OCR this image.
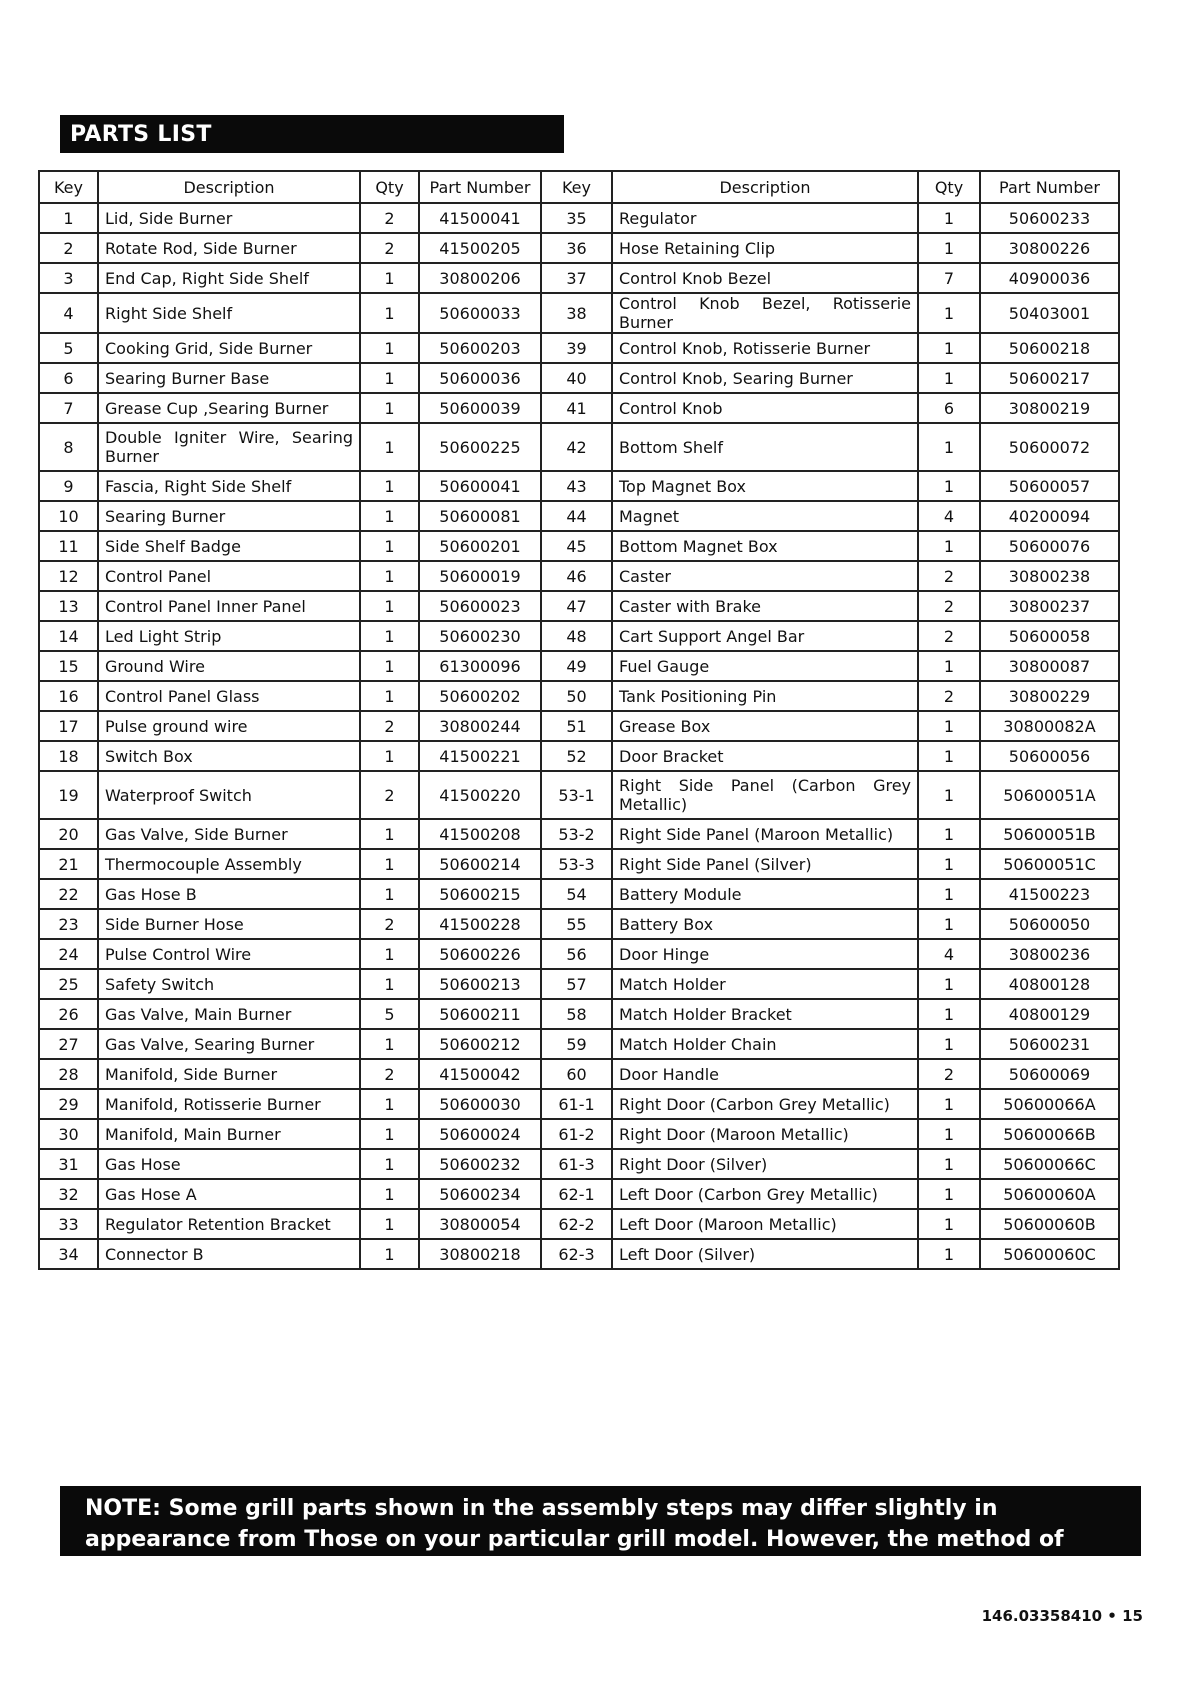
PARTS LIST
Key	Description	Qty	Part Number	Key	Description	Qty	Part Number
1	Lid, Side Burner	2	41500041	35	Regulator	1	50600233
2	Rotate Rod, Side Burner	2	41500205	36	Hose Retaining Clip	1	30800226
3	End Cap, Right Side Shelf	1	30800206	37	Control Knob Bezel	7	40900036
4	Right Side Shelf	1	50600033	38	Control Knob Bezel, Rotisserie Burner	1	50403001
5	Cooking Grid, Side Burner	1	50600203	39	Control Knob, Rotisserie Burner	1	50600218
6	Searing Burner Base	1	50600036	40	Control Knob, Searing Burner	1	50600217
7	Grease Cup ,Searing Burner	1	50600039	41	Control Knob	6	30800219
8	Double Igniter Wire, Searing Burner	1	50600225	42	Bottom Shelf	1	50600072
9	Fascia, Right Side Shelf	1	50600041	43	Top Magnet Box	1	50600057
10	Searing Burner	1	50600081	44	Magnet	4	40200094
11	Side Shelf Badge	1	50600201	45	Bottom Magnet Box	1	50600076
12	Control Panel	1	50600019	46	Caster	2	30800238
13	Control Panel Inner Panel	1	50600023	47	Caster with Brake	2	30800237
14	Led Light Strip	1	50600230	48	Cart Support Angel Bar	2	50600058
15	Ground Wire	1	61300096	49	Fuel Gauge	1	30800087
16	Control Panel Glass	1	50600202	50	Tank Positioning Pin	2	30800229
17	Pulse ground wire	2	30800244	51	Grease Box	1	30800082A
18	Switch Box	1	41500221	52	Door Bracket	1	50600056
19	Waterproof Switch	2	41500220	53-1	Right Side Panel (Carbon Grey Metallic)	1	50600051A
20	Gas Valve, Side Burner	1	41500208	53-2	Right Side Panel (Maroon Metallic)	1	50600051B
21	Thermocouple Assembly	1	50600214	53-3	Right Side Panel (Silver)	1	50600051C
22	Gas Hose B	1	50600215	54	Battery Module	1	41500223
23	Side Burner Hose	2	41500228	55	Battery Box	1	50600050
24	Pulse Control Wire	1	50600226	56	Door Hinge	4	30800236
25	Safety Switch	1	50600213	57	Match Holder	1	40800128
26	Gas Valve, Main Burner	5	50600211	58	Match Holder Bracket	1	40800129
27	Gas Valve, Searing Burner	1	50600212	59	Match Holder Chain	1	50600231
28	Manifold, Side Burner	2	41500042	60	Door Handle	2	50600069
29	Manifold, Rotisserie Burner	1	50600030	61-1	Right Door (Carbon Grey Metallic)	1	50600066A
30	Manifold, Main Burner	1	50600024	61-2	Right Door (Maroon Metallic)	1	50600066B
31	Gas Hose	1	50600232	61-3	Right Door (Silver)	1	50600066C
32	Gas Hose A	1	50600234	62-1	Left Door (Carbon Grey Metallic)	1	50600060A
33	Regulator Retention Bracket	1	30800054	62-2	Left Door (Maroon Metallic)	1	50600060B
34	Connector B	1	30800218	62-3	Left Door (Silver)	1	50600060C
NOTE: Some grill parts shown in the assembly steps may differ slightly in appearance from Those on your particular grill model. However, the method of assembly remains the same.
146.03358410 • 15
